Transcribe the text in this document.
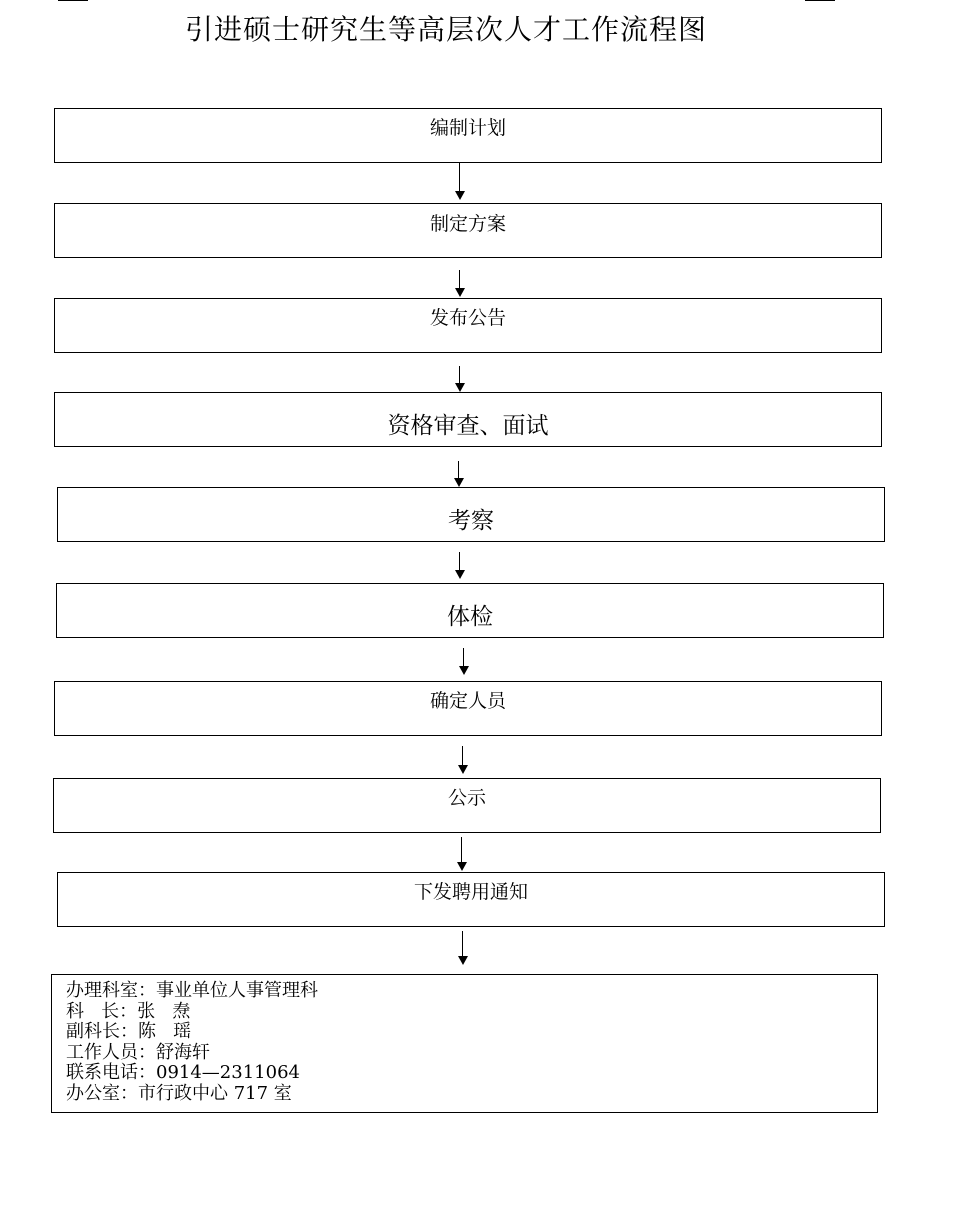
引进硕士研究生等高层次人才工作流程图
编制计划
制定方案
发布公告
资格审查、面试
考察
体检
确定人员
公示
下发聘用通知
办理科室：事业单位人事管理科
科   长：张   焘
副科长：陈   瑶
工作人员：舒海轩
联系电话：0914—2311064
办公室：市行政中心 717 室
